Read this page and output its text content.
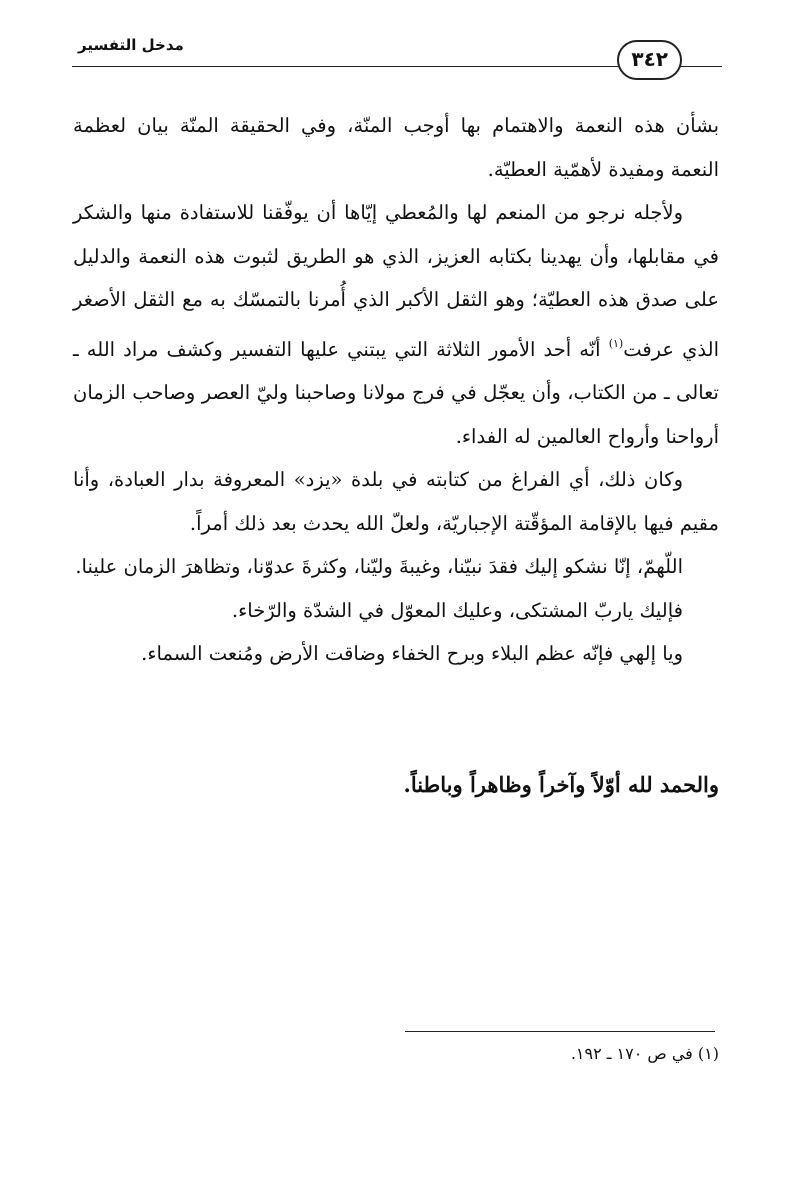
مدخل التفسير
٣٤٢

بشأن هذه النعمة والاهتمام بها أوجب المنّة، وفي الحقيقة المنّة بيان لعظمة النعمة ومفيدة لأهمّية العطيّة.

ولأجله نرجو من المنعم لها والمُعطي إيّاها أن يوفّقنا للاستفادة منها والشكر في مقابلها، وأن يهدينا بكتابه العزيز، الذي هو الطريق لثبوت هذه النعمة والدليل على صدق هذه العطيّة؛ وهو الثقل الأكبر الذي أُمرنا بالتمسّك به مع الثقل الأصغر الذي عرفت$^{(١)}$ أنّه أحد الأمور الثلاثة التي يبتني عليها التفسير وكشف مراد الله ـ تعالى ـ من الكتاب، وأن يعجّل في فرج مولانا وصاحبنا وليّ العصر وصاحب الزمان أرواحنا وأرواح العالمين له الفداء.

وكان ذلك، أي الفراغ من كتابته في بلدة «يزد» المعروفة بدار العبادة، وأنا مقيم فيها بالإقامة المؤقّتة الإجباريّة، ولعلّ الله يحدث بعد ذلك أمراً.

اللّهمّ، إنّا نشكو إليك فقدَ نبيّنا، وغيبةَ وليّنا، وكثرةَ عدوّنا، وتظاهرَ الزمان علينا.

فإليك ياربّ المشتكى، وعليك المعوّل في الشدّة والرّخاء.

ويا إلهي فإنّه عظم البلاء وبرح الخفاء وضاقت الأرض ومُنعت السماء.

والحمد لله أوّلاً وآخراً وظاهراً وباطناً.
(١) في ص ١٧٠ ـ ١٩٢.
